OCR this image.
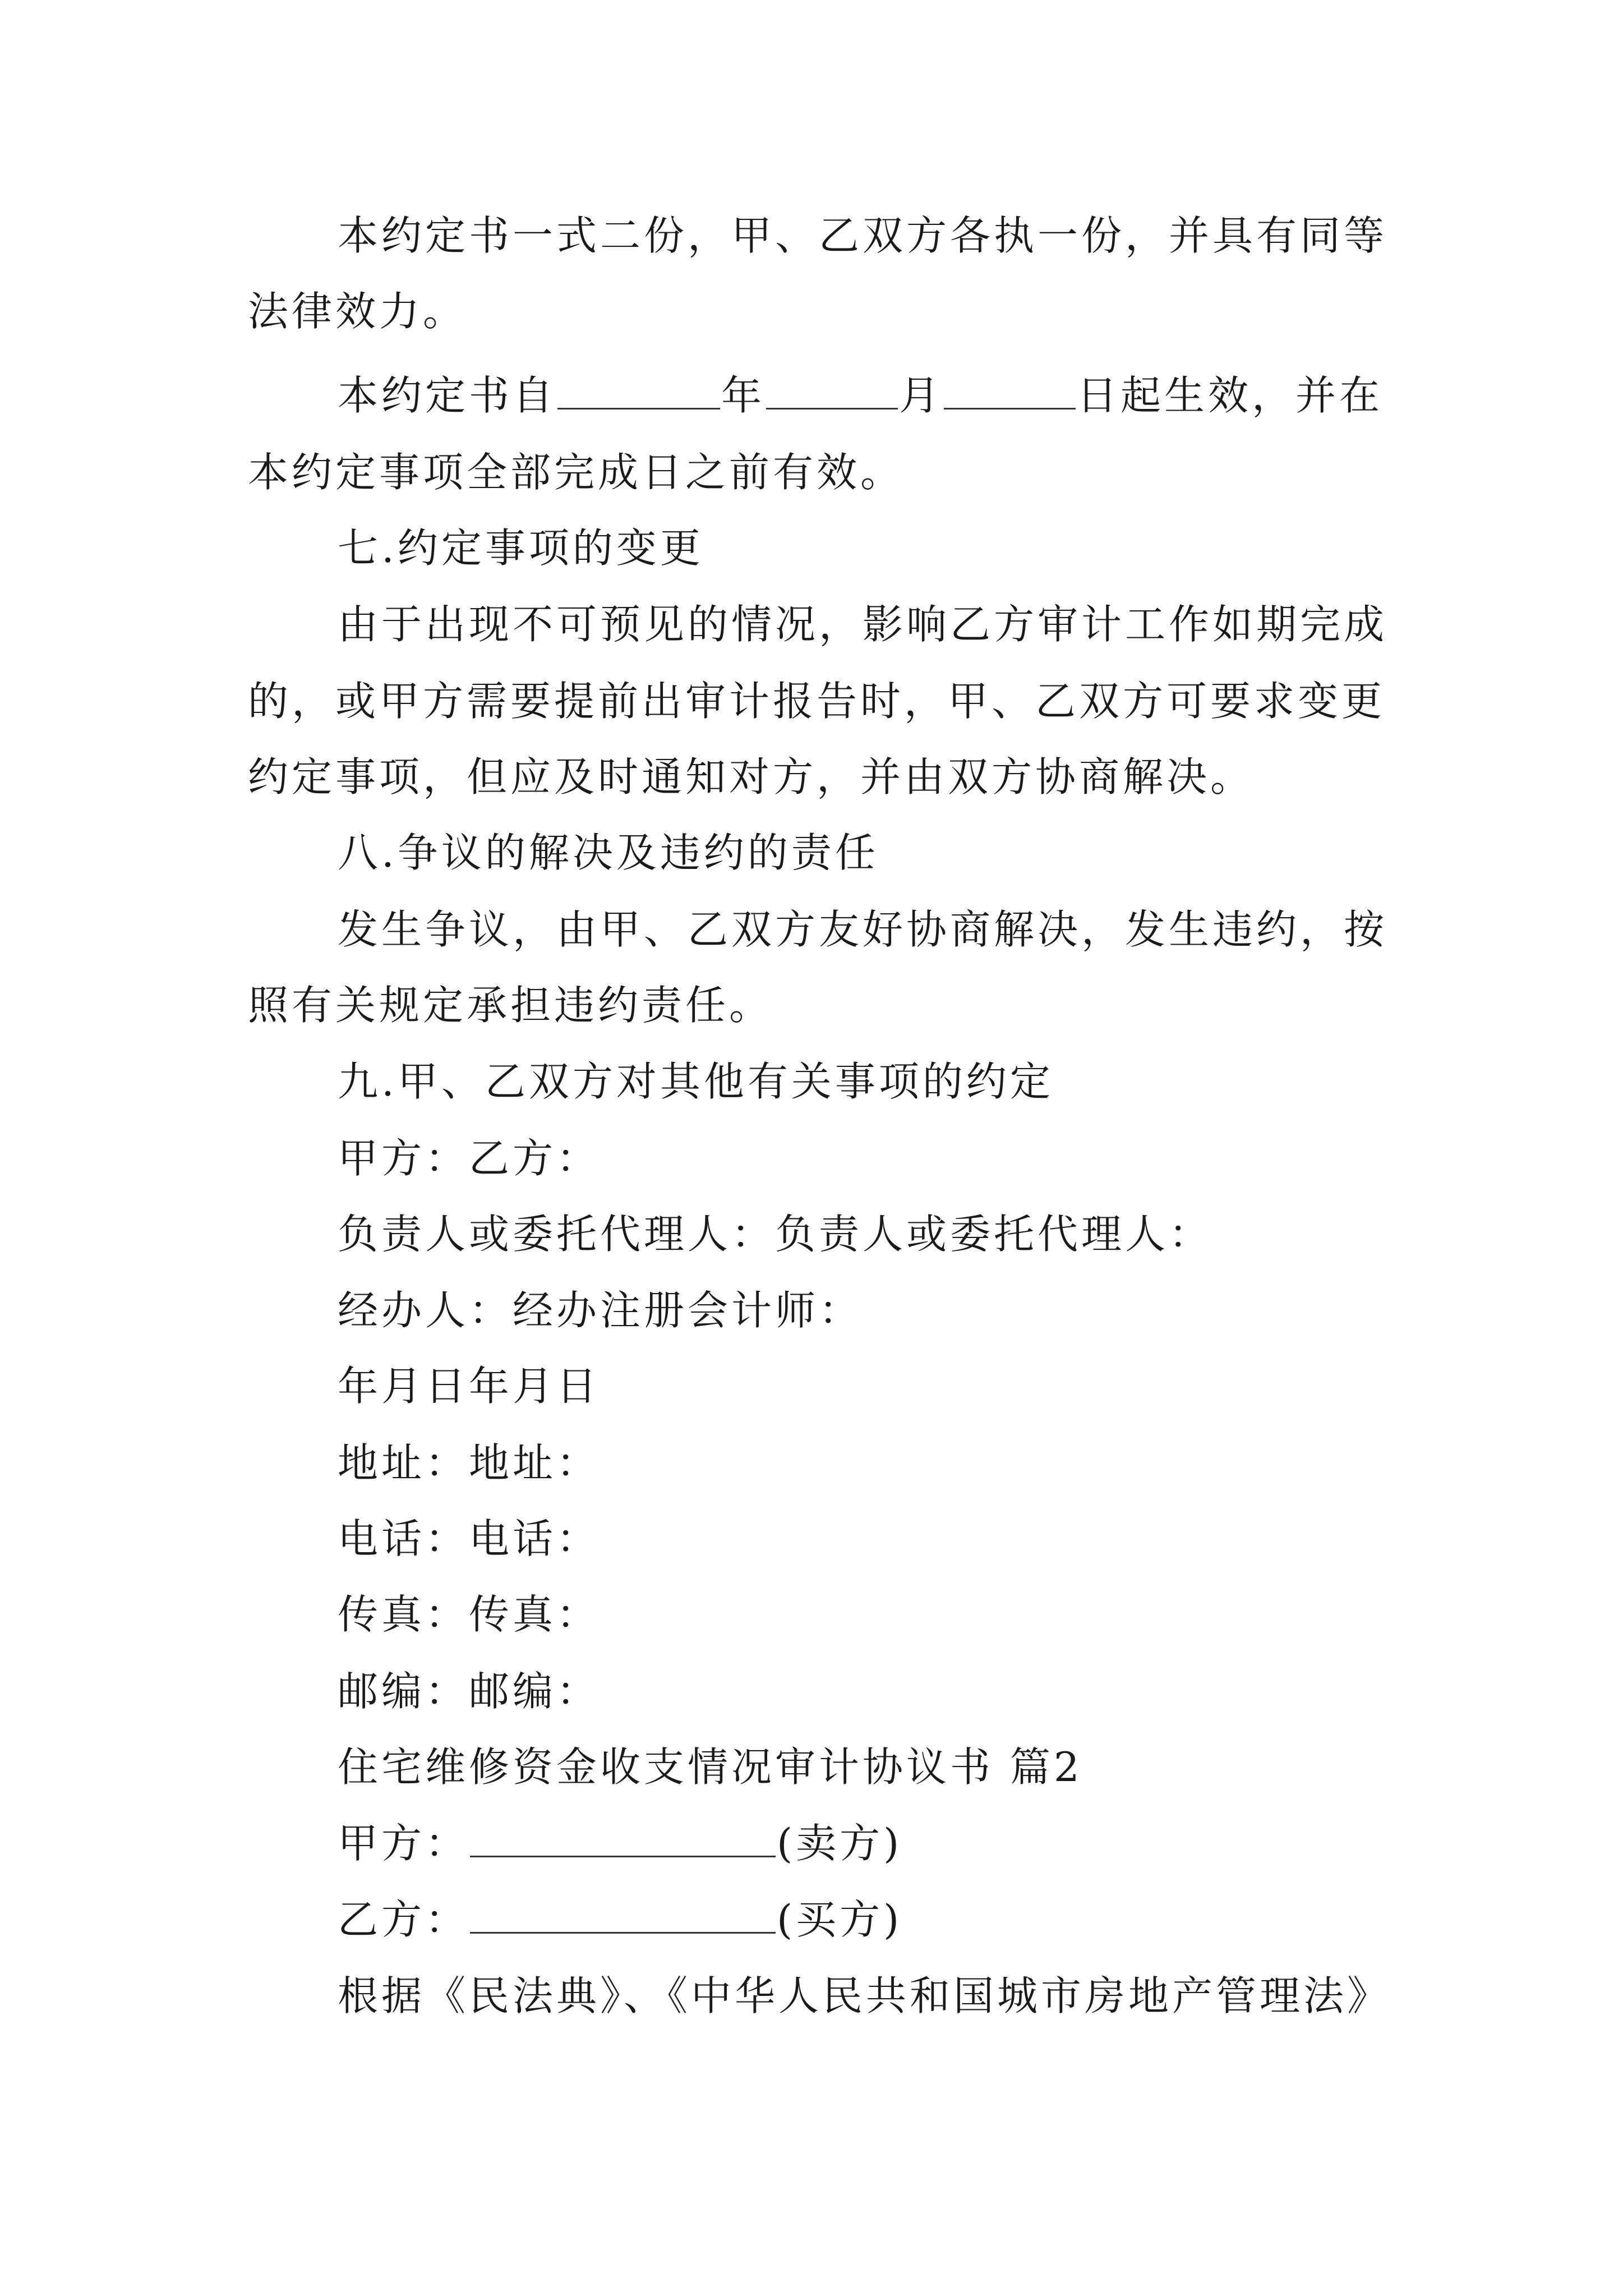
本约定书一式二份，甲、乙双方各执一份，并具有同等
法律效力。
本约定书自	年	月	日起生效，并在
本约定事项全部完成日之前有效。
七.约定事项的变更
由于出现不可预见的情况，影响乙方审计工作如期完成
的，或甲方需要提前出审计报告时，甲、乙双方可要求变更
约定事项，但应及时通知对方，并由双方协商解决。
八.争议的解决及违约的责任
发生争议，由甲、乙双方友好协商解决，发生违约，按
照有关规定承担违约责任。
九.甲、乙双方对其他有关事项的约定
甲方：乙方：
负责人或委托代理人：负责人或委托代理人：
经办人：经办注册会计师：
年月日年月日
地址：地址：
电话：电话：
传真：传真：
邮编：邮编：
住宅维修资金收支情况审计协议书 篇2
甲方：	(卖方)
乙方：	(买方)
根据《民法典》、《中华人民共和国城市房地产管理法》
